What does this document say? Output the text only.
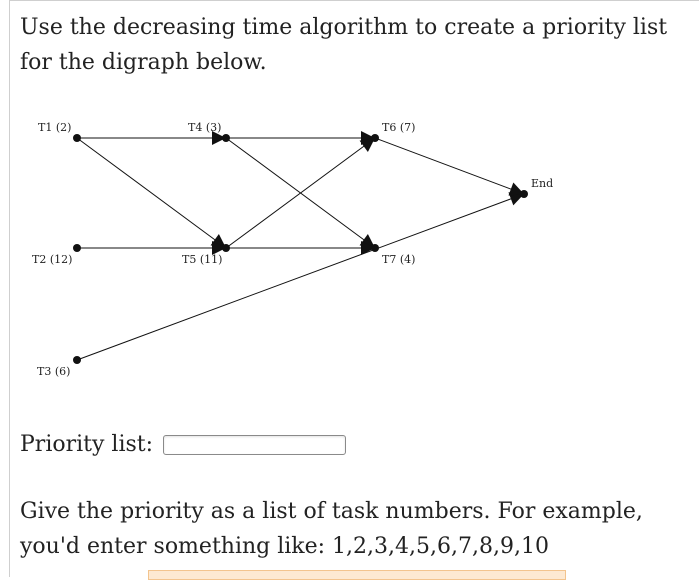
Use the decreasing time algorithm to create a priority list for the digraph below.

T1 (2)
T2 (12)
T3 (6)
T4 (3)
T5 (11)
T6 (7)
T7 (4)
End
Priority list:

Give the priority as a list of task numbers. For example, you'd enter something like: 1,2,3,4,5,6,7,8,9,10
